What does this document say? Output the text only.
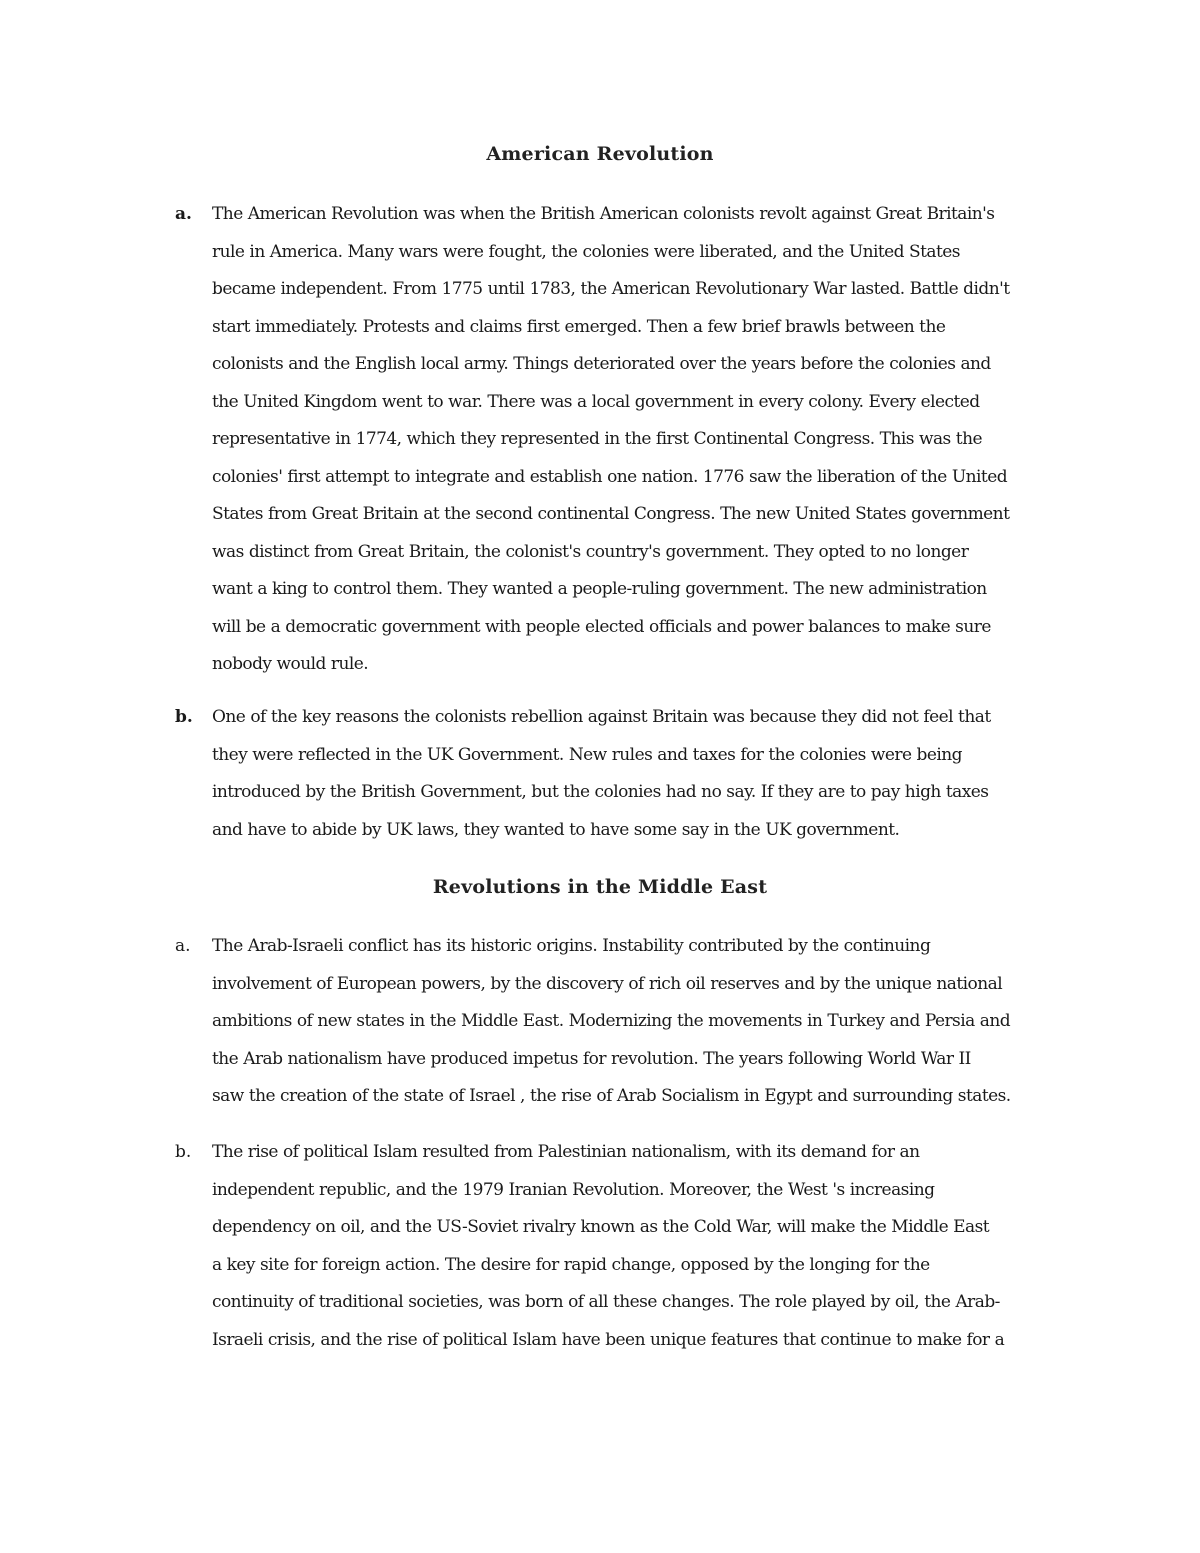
American Revolution
a. The American Revolution was when the British American colonists revolt against Great Britain's
rule in America. Many wars were fought, the colonies were liberated, and the United States
became independent. From 1775 until 1783, the American Revolutionary War lasted. Battle didn't
start immediately. Protests and claims first emerged. Then a few brief brawls between the
colonists and the English local army. Things deteriorated over the years before the colonies and
the United Kingdom went to war. There was a local government in every colony. Every elected
representative in 1774, which they represented in the first Continental Congress. This was the
colonies' first attempt to integrate and establish one nation. 1776 saw the liberation of the United
States from Great Britain at the second continental Congress. The new United States government
was distinct from Great Britain, the colonist's country's government. They opted to no longer
want a king to control them. They wanted a people-ruling government. The new administration
will be a democratic government with people elected officials and power balances to make sure
nobody would rule.
b. One of the key reasons the colonists rebellion against Britain was because they did not feel that
they were reflected in the UK Government. New rules and taxes for the colonies were being
introduced by the British Government, but the colonies had no say. If they are to pay high taxes
and have to abide by UK laws, they wanted to have some say in the UK government.
Revolutions in the Middle East
a. The Arab-Israeli conflict has its historic origins. Instability contributed by the continuing
involvement of European powers, by the discovery of rich oil reserves and by the unique national
ambitions of new states in the Middle East. Modernizing the movements in Turkey and Persia and
the Arab nationalism have produced impetus for revolution. The years following World War II
saw the creation of the state of Israel , the rise of Arab Socialism in Egypt and surrounding states.
b. The rise of political Islam resulted from Palestinian nationalism, with its demand for an
independent republic, and the 1979 Iranian Revolution. Moreover, the West 's increasing
dependency on oil, and the US-Soviet rivalry known as the Cold War, will make the Middle East
a key site for foreign action. The desire for rapid change, opposed by the longing for the
continuity of traditional societies, was born of all these changes. The role played by oil, the Arab-
Israeli crisis, and the rise of political Islam have been unique features that continue to make for a
